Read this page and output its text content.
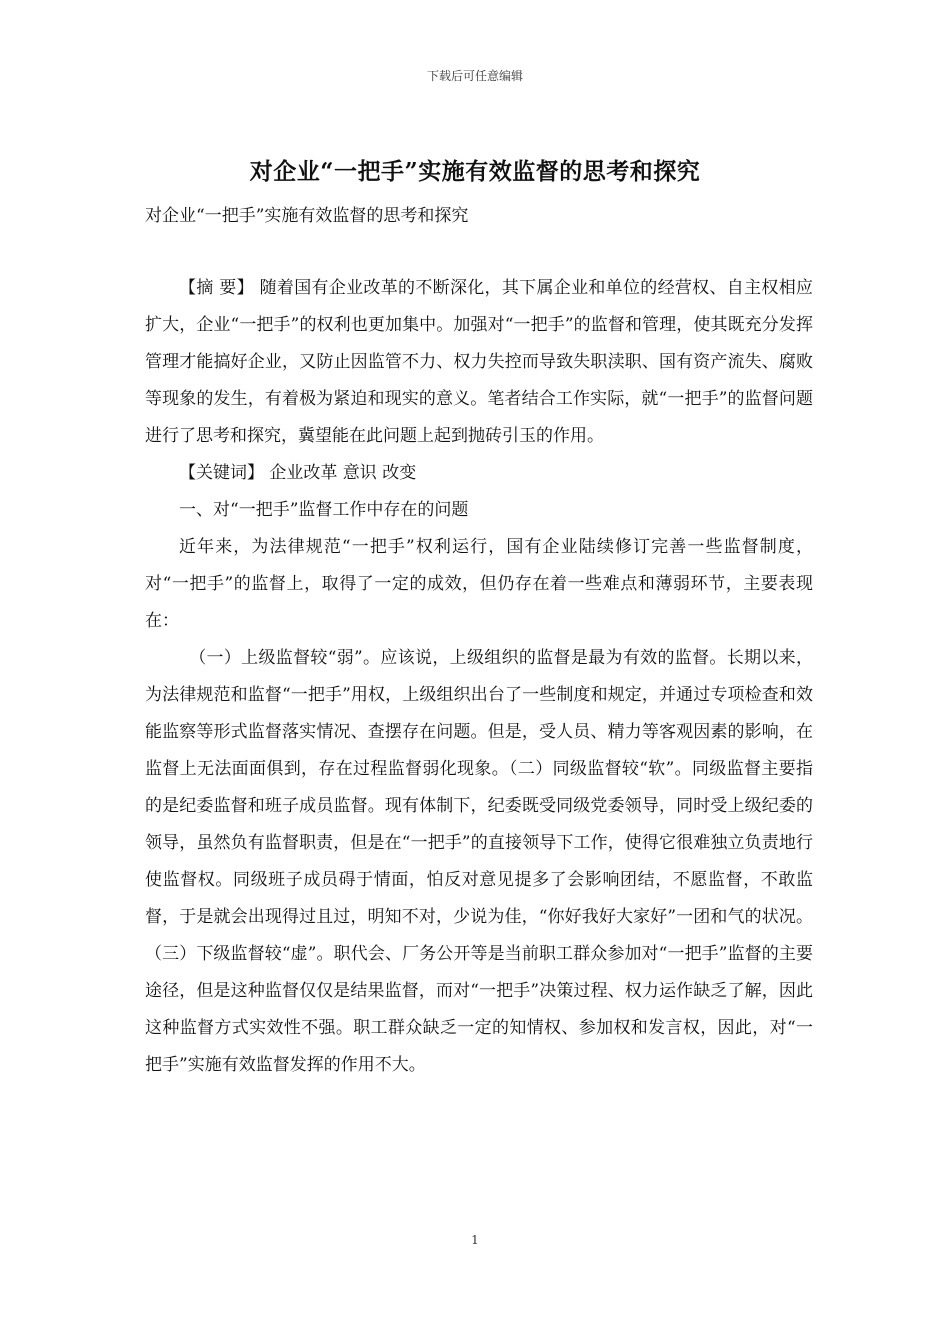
下载后可任意编辑
对企业“一把手”实施有效监督的思考和探究
对企业“一把手”实施有效监督的思考和探究

【摘 要】 随着国有企业改革的不断深化，其下属企业和单位的经营权、自主权相应扩大，企业“一把手”的权利也更加集中。加强对“一把手”的监督和管理，使其既充分发挥管理才能搞好企业，又防止因监管不力、权力失控而导致失职渎职、国有资产流失、腐败等现象的发生，有着极为紧迫和现实的意义。笔者结合工作实际，就“一把手”的监督问题进行了思考和探究，冀望能在此问题上起到抛砖引玉的作用。

【关键词】 企业改革 意识 改变

一、对“一把手”监督工作中存在的问题

近年来，为法律规范“一把手”权利运行，国有企业陆续修订完善一些监督制度，对“一把手”的监督上，取得了一定的成效，但仍存在着一些难点和薄弱环节，主要表现在：

（一）上级监督较“弱”。应该说，上级组织的监督是最为有效的监督。长期以来，为法律规范和监督“一把手”用权，上级组织出台了一些制度和规定，并通过专项检查和效能监察等形式监督落实情况、查摆存在问题。但是，受人员、精力等客观因素的影响，在监督上无法面面俱到，存在过程监督弱化现象。（二）同级监督较“软”。同级监督主要指的是纪委监督和班子成员监督。现有体制下，纪委既受同级党委领导，同时受上级纪委的领导，虽然负有监督职责，但是在“一把手”的直接领导下工作，使得它很难独立负责地行使监督权。同级班子成员碍于情面，怕反对意见提多了会影响团结，不愿监督，不敢监督，于是就会出现得过且过，明知不对，少说为佳，“你好我好大家好”一团和气的状况。（三）下级监督较“虚”。职代会、厂务公开等是当前职工群众参加对“一把手”监督的主要途径，但是这种监督仅仅是结果监督，而对“一把手”决策过程、权力运作缺乏了解，因此这种监督方式实效性不强。职工群众缺乏一定的知情权、参加权和发言权，因此，对“一把手”实施有效监督发挥的作用不大。

1
